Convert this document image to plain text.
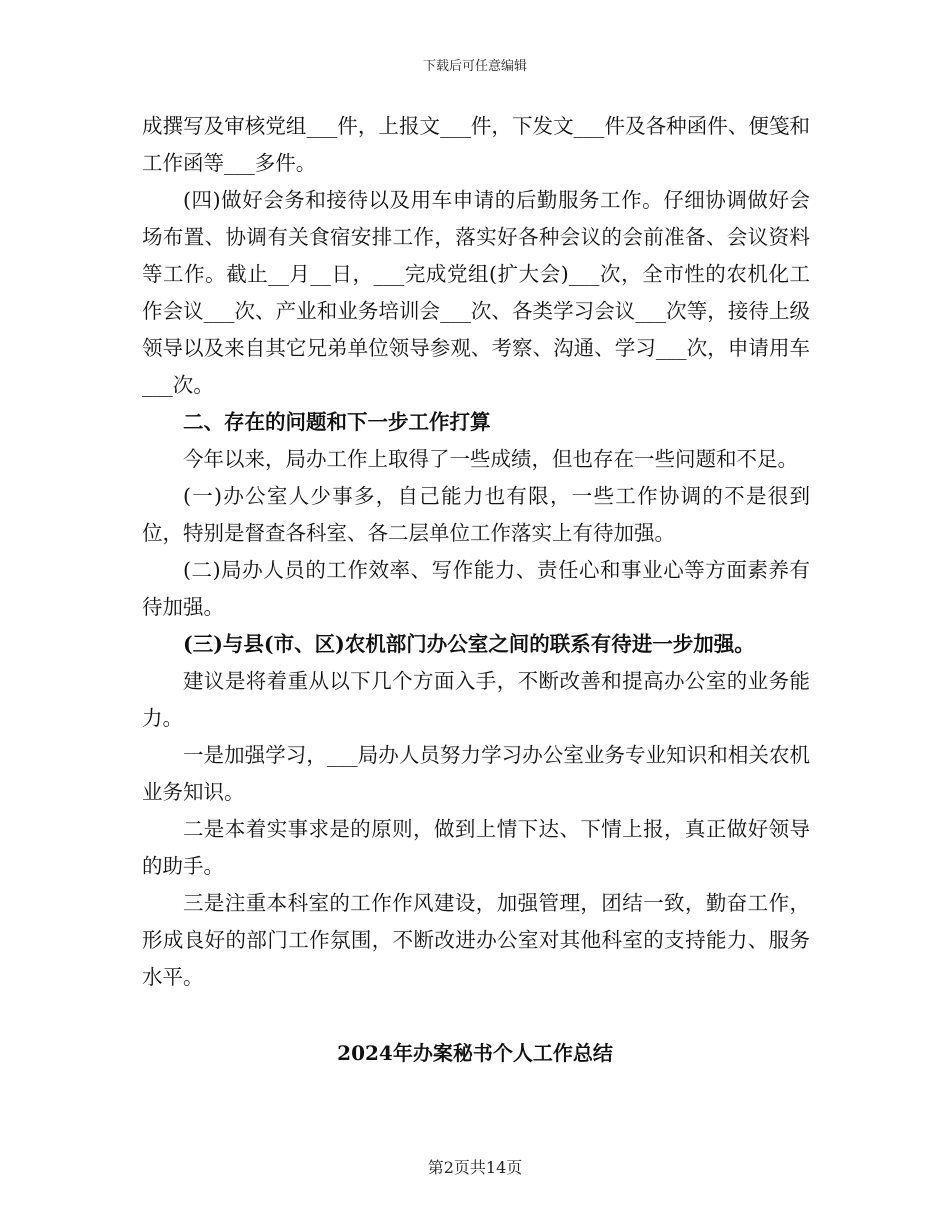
下载后可任意编辑

成撰写及审核党组___件，上报文___件，下发文___件及各种函件、便笺和工作函等___多件。

(四)做好会务和接待以及用车申请的后勤服务工作。仔细协调做好会场布置、协调有关食宿安排工作，落实好各种会议的会前准备、会议资料等工作。截止__月__日，___完成党组(扩大会)___次，全市性的农机化工作会议___次、产业和业务培训会___次、各类学习会议___次等，接待上级领导以及来自其它兄弟单位领导参观、考察、沟通、学习___次，申请用车___次。

二、存在的问题和下一步工作打算

今年以来，局办工作上取得了一些成绩，但也存在一些问题和不足。

(一)办公室人少事多，自己能力也有限，一些工作协调的不是很到位，特别是督查各科室、各二层单位工作落实上有待加强。

(二)局办人员的工作效率、写作能力、责任心和事业心等方面素养有待加强。

(三)与县(市、区)农机部门办公室之间的联系有待进一步加强。

建议是将着重从以下几个方面入手，不断改善和提高办公室的业务能力。

一是加强学习，___局办人员努力学习办公室业务专业知识和相关农机业务知识。

二是本着实事求是的原则，做到上情下达、下情上报，真正做好领导的助手。

三是注重本科室的工作作风建设，加强管理，团结一致，勤奋工作，形成良好的部门工作氛围，不断改进办公室对其他科室的支持能力、服务水平。

2024年办案秘书个人工作总结
第2页共14页
